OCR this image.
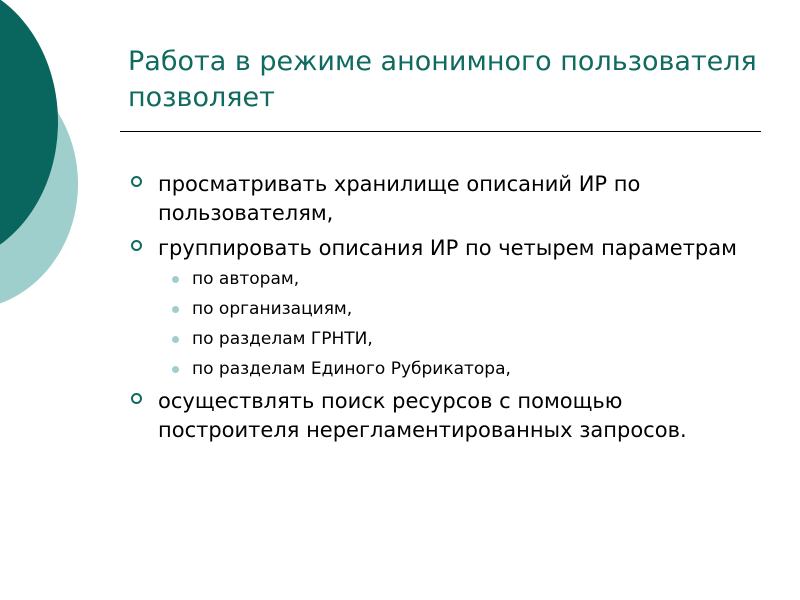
Работа в режиме анонимного пользователя позволяет
просматривать хранилище описаний ИР по пользователям,
группировать описания ИР по четырем параметрам
по авторам,
по организациям,
по разделам ГРНТИ,
по разделам Единого Рубрикатора,
осуществлять поиск ресурсов с помощью построителя нерегламентированных запросов.
